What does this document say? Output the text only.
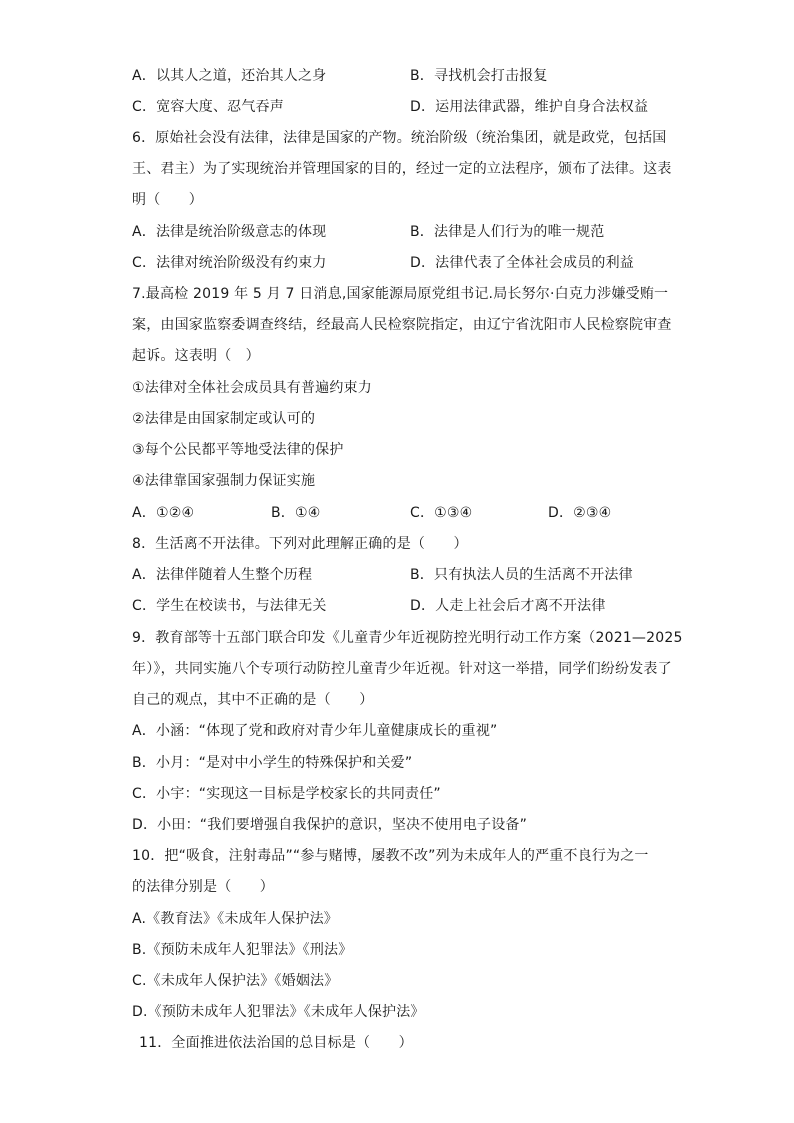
A．以其人之道，还治其人之身	B．寻找机会打击报复
C．宽容大度、忍气吞声	D．运用法律武器，维护自身合法权益
6．原始社会没有法律，法律是国家的产物。统治阶级（统治集团，就是政党，包括国
王、君主）为了实现统治并管理国家的目的，经过一定的立法程序，颁布了法律。这表
明（　　）
A．法律是统治阶级意志的体现	B．法律是人们行为的唯一规范
C．法律对统治阶级没有约束力	D．法律代表了全体社会成员的利益
7.最高检 2019 年 5 月 7 日消息,国家能源局原党组书记.局长努尔·白克力涉嫌受贿一
案，由国家监察委调查终结，经最高人民检察院指定，由辽宁省沈阳市人民检察院审查
起诉。这表明（　）
①法律对全体社会成员具有普遍约束力
②法律是由国家制定或认可的
③每个公民都平等地受法律的保护
④法律靠国家强制力保证实施
A．①②④	B．①④	C．①③④	D．②③④
8．生活离不开法律。下列对此理解正确的是（　　）
A．法律伴随着人生整个历程	B．只有执法人员的生活离不开法律
C．学生在校读书，与法律无关	D．人走上社会后才离不开法律
9．教育部等十五部门联合印发《儿童青少年近视防控光明行动工作方案（2021—2025
年）》，共同实施八个专项行动防控儿童青少年近视。针对这一举措，同学们纷纷发表了
自己的观点，其中不正确的是（　　）
A．小涵：“体现了党和政府对青少年儿童健康成长的重视”
B．小月：“是对中小学生的特殊保护和关爱”
C．小宇：“实现这一目标是学校家长的共同责任”
D．小田：“我们要增强自我保护的意识，坚决不使用电子设备”
10．把“吸食，注射毒品”“参与赌博，屡教不改”列为未成年人的严重不良行为之一
的法律分别是（　　）
A.《教育法》《未成年人保护法》
B.《预防未成年人犯罪法》《刑法》
C.《未成年人保护法》《婚姻法》
D.《预防未成年人犯罪法》《未成年人保护法》
11．全面推进依法治国的总目标是（　　）
